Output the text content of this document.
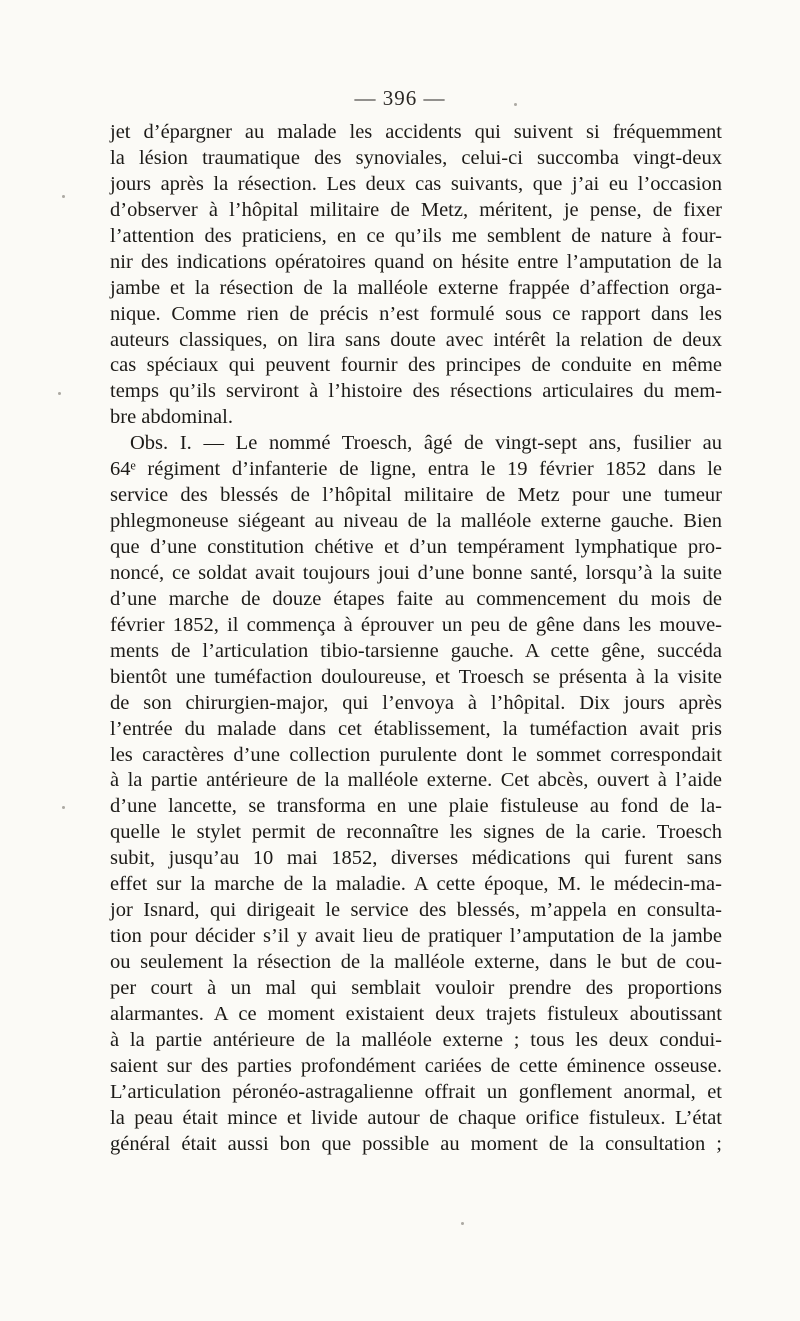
— 396 —
jet d’épargner au malade les accidents qui suivent si fréquemment
la lésion traumatique des synoviales, celui-ci succomba vingt-deux
jours après la résection. Les deux cas suivants, que j’ai eu l’occasion
d’observer à l’hôpital militaire de Metz, méritent, je pense, de fixer
l’attention des praticiens, en ce qu’ils me semblent de nature à four-
nir des indications opératoires quand on hésite entre l’amputation de la
jambe et la résection de la malléole externe frappée d’affection orga-
nique. Comme rien de précis n’est formulé sous ce rapport dans les
auteurs classiques, on lira sans doute avec intérêt la relation de deux
cas spéciaux qui peuvent fournir des principes de conduite en même
temps qu’ils serviront à l’histoire des résections articulaires du mem-
bre abdominal.
Obs. I. — Le nommé Troesch, âgé de vingt-sept ans, fusilier au
64ᵉ régiment d’infanterie de ligne, entra le 19 février 1852 dans le
service des blessés de l’hôpital militaire de Metz pour une tumeur
phlegmoneuse siégeant au niveau de la malléole externe gauche. Bien
que d’une constitution chétive et d’un tempérament lymphatique pro-
noncé, ce soldat avait toujours joui d’une bonne santé, lorsqu’à la suite
d’une marche de douze étapes faite au commencement du mois de
février 1852, il commença à éprouver un peu de gêne dans les mouve-
ments de l’articulation tibio-tarsienne gauche. A cette gêne, succéda
bientôt une tuméfaction douloureuse, et Troesch se présenta à la visite
de son chirurgien-major, qui l’envoya à l’hôpital. Dix jours après
l’entrée du malade dans cet établissement, la tuméfaction avait pris
les caractères d’une collection purulente dont le sommet correspondait
à la partie antérieure de la malléole externe. Cet abcès, ouvert à l’aide
d’une lancette, se transforma en une plaie fistuleuse au fond de la-
quelle le stylet permit de reconnaître les signes de la carie. Troesch
subit, jusqu’au 10 mai 1852, diverses médications qui furent sans
effet sur la marche de la maladie. A cette époque, M. le médecin-ma-
jor Isnard, qui dirigeait le service des blessés, m’appela en consulta-
tion pour décider s’il y avait lieu de pratiquer l’amputation de la jambe
ou seulement la résection de la malléole externe, dans le but de cou-
per court à un mal qui semblait vouloir prendre des proportions
alarmantes. A ce moment existaient deux trajets fistuleux aboutissant
à la partie antérieure de la malléole externe ; tous les deux condui-
saient sur des parties profondément cariées de cette éminence osseuse.
L’articulation péronéo-astragalienne offrait un gonflement anormal, et
la peau était mince et livide autour de chaque orifice fistuleux. L’état
général était aussi bon que possible au moment de la consultation ;
